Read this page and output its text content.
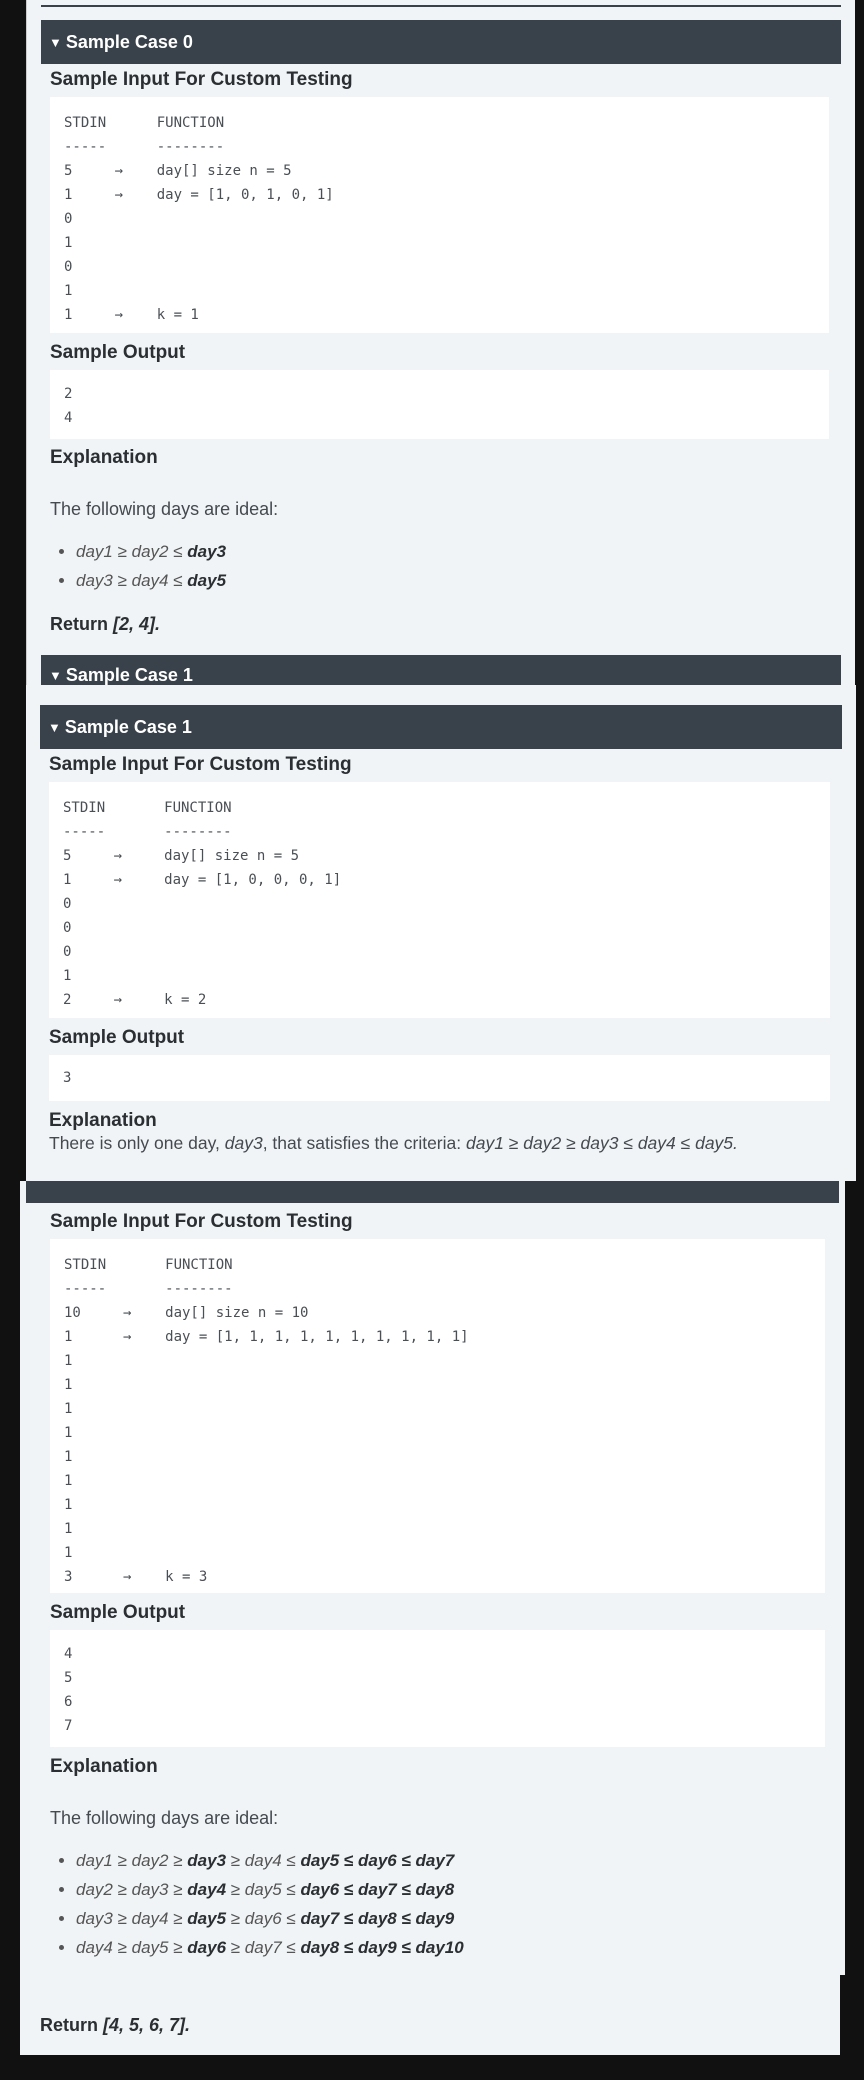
▼ Sample Case 0
Sample Input For Custom Testing
STDIN      FUNCTION
-----      --------
5     →    day[] size n = 5
1     →    day = [1, 0, 1, 0, 1]
0
1
0
1
1     →    k = 1
Sample Output
2
4
Explanation
The following days are ideal:
• day1 ≥ day2 ≤ day3
• day3 ≥ day4 ≤ day5
Return [2, 4].
▼ Sample Case 1
▼ Sample Case 1
Sample Input For Custom Testing
STDIN       FUNCTION
-----       --------
5     →     day[] size n = 5
1     →     day = [1, 0, 0, 0, 1]
0
0
0
1
2     →     k = 2
Sample Output
3
Explanation
There is only one day, day3, that satisfies the criteria: day1 ≥ day2 ≥ day3 ≤ day4 ≤ day5.
Sample Input For Custom Testing
STDIN       FUNCTION
-----       --------
10     →    day[] size n = 10
1      →    day = [1, 1, 1, 1, 1, 1, 1, 1, 1, 1]
1
1
1
1
1
1
1
1
1
3      →    k = 3
Sample Output
4
5
6
7
Explanation
The following days are ideal:
• day1 ≥ day2 ≥ day3 ≥ day4 ≤ day5 ≤ day6 ≤ day7
• day2 ≥ day3 ≥ day4 ≥ day5 ≤ day6 ≤ day7 ≤ day8
• day3 ≥ day4 ≥ day5 ≥ day6 ≤ day7 ≤ day8 ≤ day9
• day4 ≥ day5 ≥ day6 ≥ day7 ≤ day8 ≤ day9 ≤ day10
Return [4, 5, 6, 7].
